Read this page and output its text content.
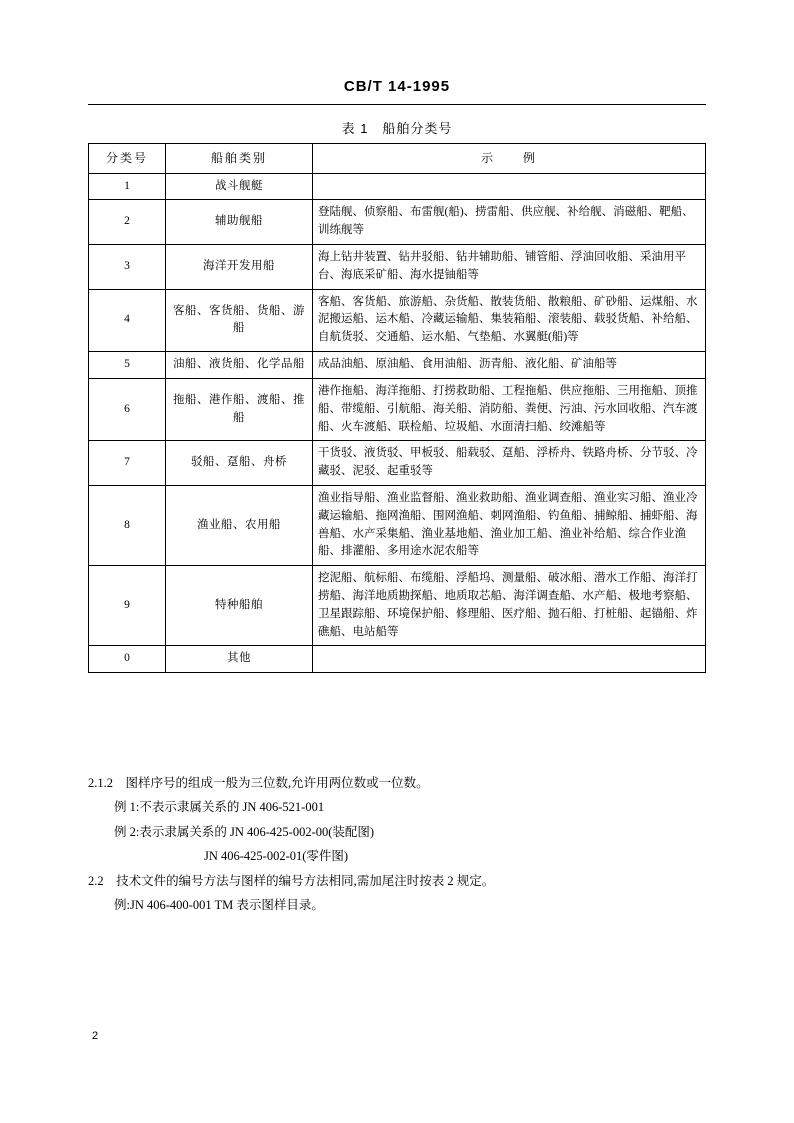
CB/T 14-1995
表 1　船舶分类号
分类号	船舶类别	示　　例
1	战斗舰艇	
2	辅助舰船	登陆舰、侦察船、布雷舰(船)、捞雷船、供应舰、补给舰、消磁船、靶船、训练舰等
3	海洋开发用船	海上钻井装置、钻井驳船、钻井辅助船、铺管船、浮油回收船、采油用平台、海底采矿船、海水提铀船等
4	客船、客货船、货船、游船	客船、客货船、旅游船、杂货船、散装货船、散粮船、矿砂船、运煤船、水泥搬运船、运木船、冷藏运输船、集装箱船、滚装船、载驳货船、补给船、自航货驳、交通船、运水船、气垫船、水翼艇(船)等
5	油船、液货船、化学品船	成品油船、原油船、食用油船、沥青船、液化船、矿油船等
6	拖船、港作船、渡船、推船	港作拖船、海洋拖船、打捞救助船、工程拖船、供应拖船、三用拖船、顶推船、带缆船、引航船、海关船、消防船、粪便、污油、污水回收船、汽车渡船、火车渡船、联检船、垃圾船、水面清扫船、绞滩船等
7	驳船、趸船、舟桥	干货驳、液货驳、甲板驳、船载驳、趸船、浮桥舟、铁路舟桥、分节驳、冷藏驳、泥驳、起重驳等
8	渔业船、农用船	渔业指导船、渔业监督船、渔业救助船、渔业调查船、渔业实习船、渔业冷藏运输船、拖网渔船、围网渔船、刺网渔船、钓鱼船、捕鲸船、捕虾船、海兽船、水产采集船、渔业基地船、渔业加工船、渔业补给船、综合作业渔船、排灌船、多用途水泥农船等
9	特种船舶	挖泥船、航标船、布缆船、浮船坞、测量船、破冰船、潜水工作船、海洋打捞船、海洋地质勘探船、地质取芯船、海洋调查船、水产船、极地考察船、卫星跟踪船、环境保护船、修理船、医疗船、抛石船、打桩船、起锚船、炸礁船、电站船等
0	其他	
2.1.2　图样序号的组成一般为三位数,允许用两位数或一位数。
例 1:不表示隶属关系的 JN 406-521-001
例 2:表示隶属关系的 JN 406-425-002-00(装配图)
JN 406-425-002-01(零件图)
2.2　技术文件的编号方法与图样的编号方法相同,需加尾注时按表 2 规定。
例:JN 406-400-001 TM 表示图样目录。
2
